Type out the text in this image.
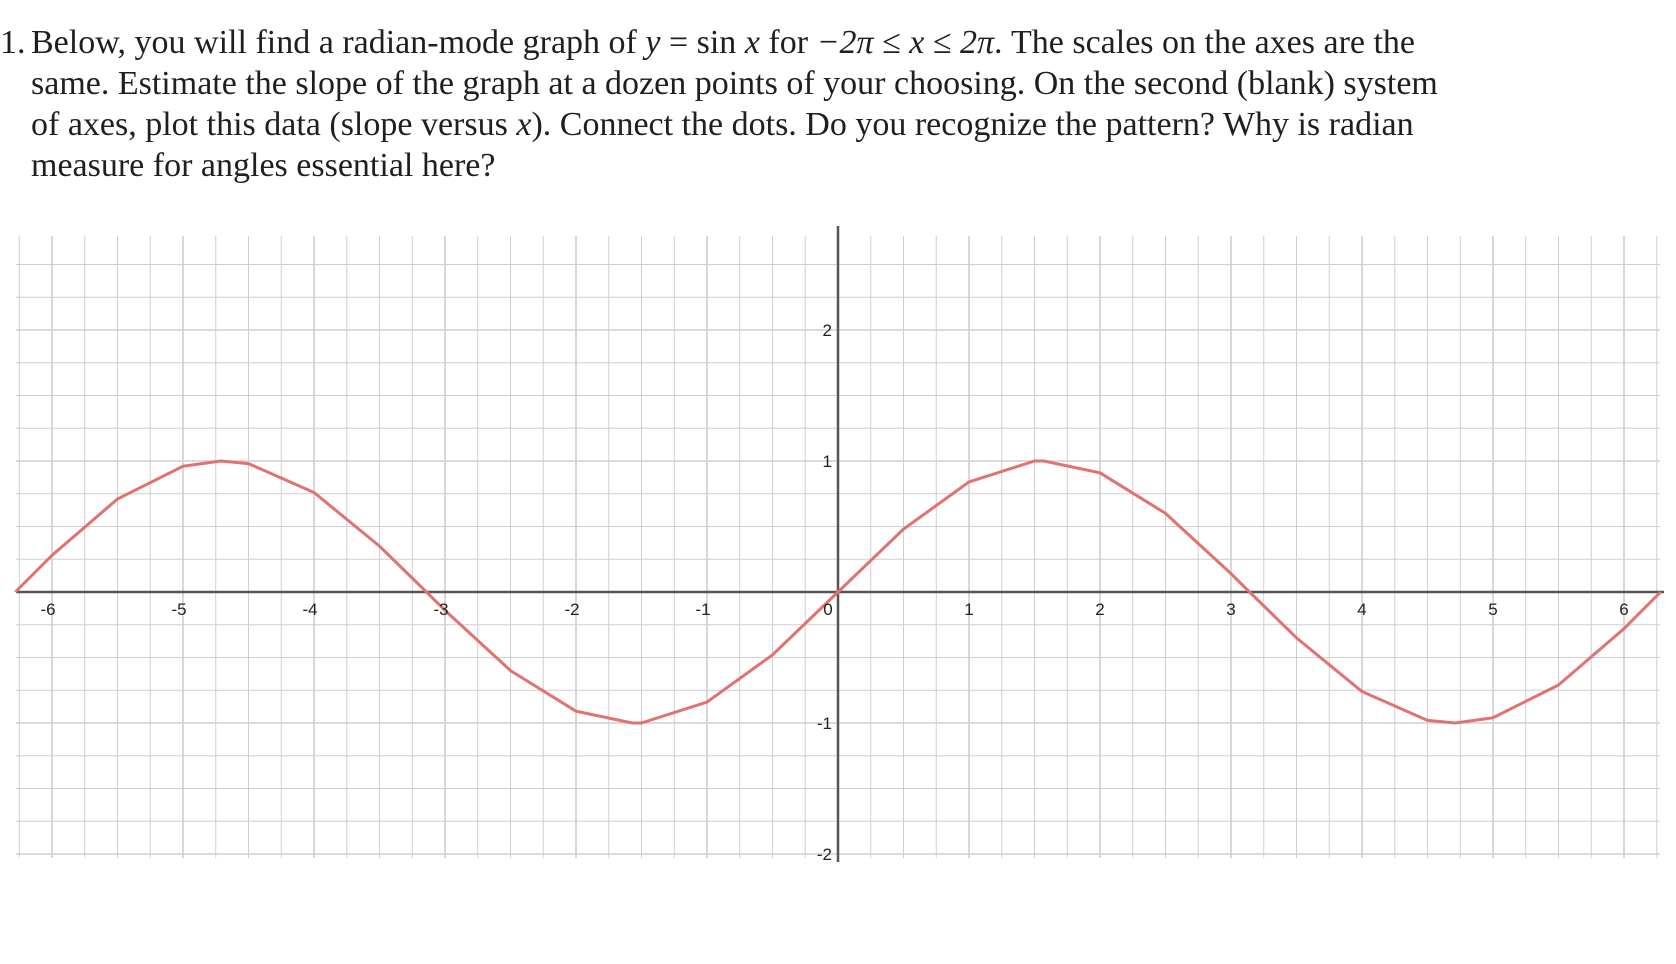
1. Below, you will find a radian-mode graph of y = sin x for −2π ≤ x ≤ 2π. The scales on the axes are the
same. Estimate the slope of the graph at a dozen points of your choosing. On the second (blank) system
of axes, plot this data (slope versus x). Connect the dots. Do you recognize the pattern? Why is radian
measure for angles essential here?
-6	-5	-4	-3	-2	-1	0	1	2	3	4	5	6
-2
-1
1
2
